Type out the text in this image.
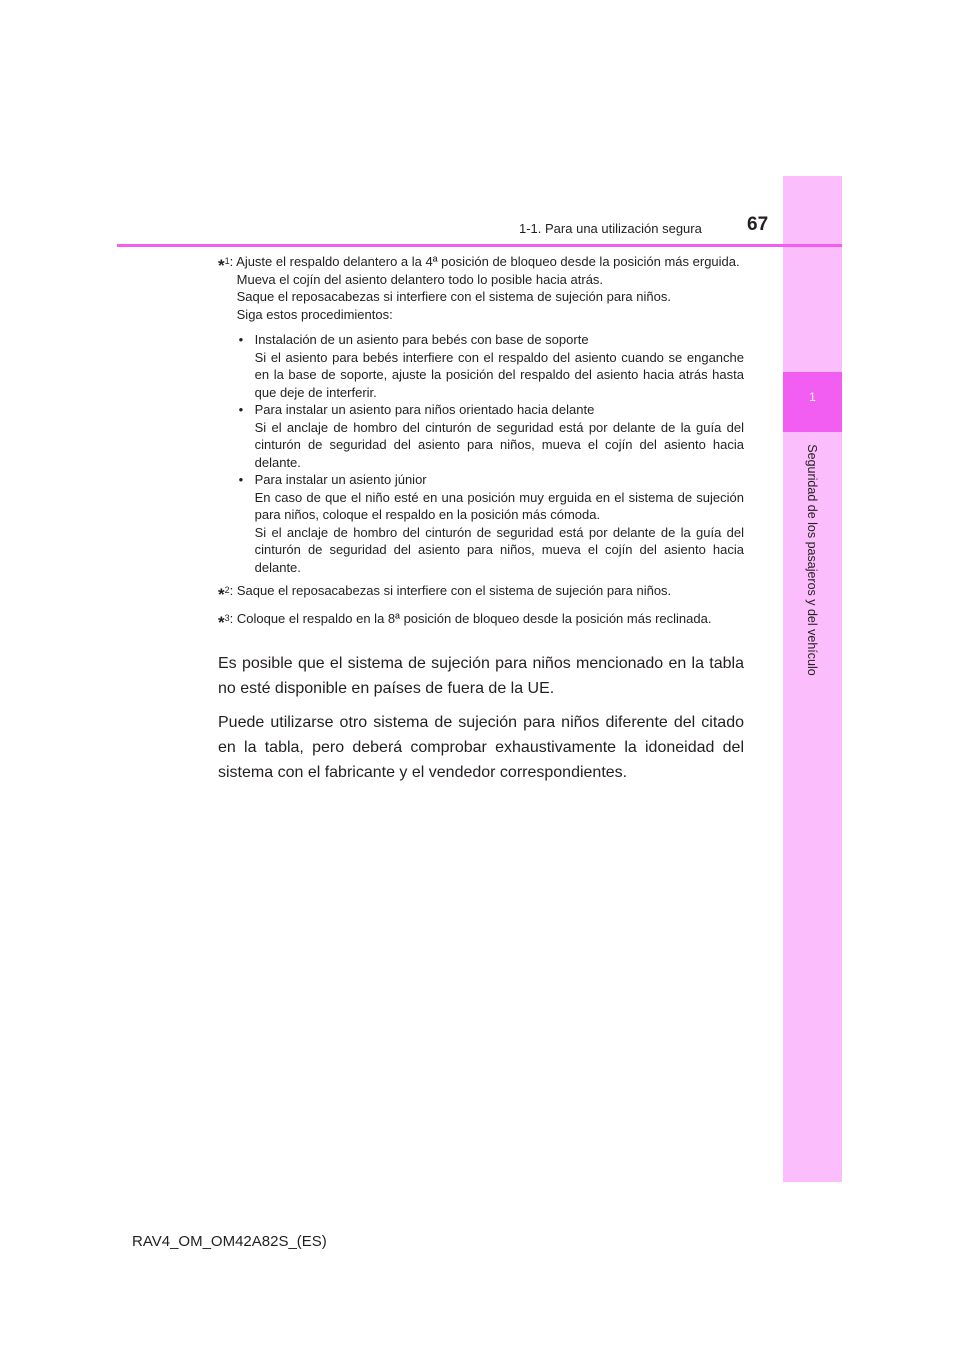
1
Seguridad de los pasajeros y del vehículo
1-1. Para una utilización segura 67
*$^1$ : Ajuste el respaldo delantero a la 4ª posición de bloqueo desde la posición más erguida.

Mueva el cojín del asiento delantero todo lo posible hacia atrás.

Saque el reposacabezas si interfiere con el sistema de sujeción para niños.

Siga estos procedimientos:

• Instalación de un asiento para bebés con base de soporte
Si el asiento para bebés interfiere con el respaldo del asiento cuando se enganche en la base de soporte, ajuste la posición del respaldo del asiento hacia atrás hasta que deje de interferir.
• Para instalar un asiento para niños orientado hacia delante
Si el anclaje de hombro del cinturón de seguridad está por delante de la guía del cinturón de seguridad del asiento para niños, mueva el cojín del asiento hacia delante.
• Para instalar un asiento júnior
En caso de que el niño esté en una posición muy erguida en el sistema de sujeción para niños, coloque el respaldo en la posición más cómoda.
Si el anclaje de hombro del cinturón de seguridad está por delante de la guía del cinturón de seguridad del asiento para niños, mueva el cojín del asiento hacia delante.
*$^2$ : Saque el reposacabezas si interfiere con el sistema de sujeción para niños.

*$^3$ : Coloque el respaldo en la 8ª posición de bloqueo desde la posición más reclinada.

Es posible que el sistema de sujeción para niños mencionado en la tabla no esté disponible en países de fuera de la UE.

Puede utilizarse otro sistema de sujeción para niños diferente del citado en la tabla, pero deberá comprobar exhaustivamente la idoneidad del sistema con el fabricante y el vendedor correspondientes.

RAV4_OM_OM42A82S_(ES)
